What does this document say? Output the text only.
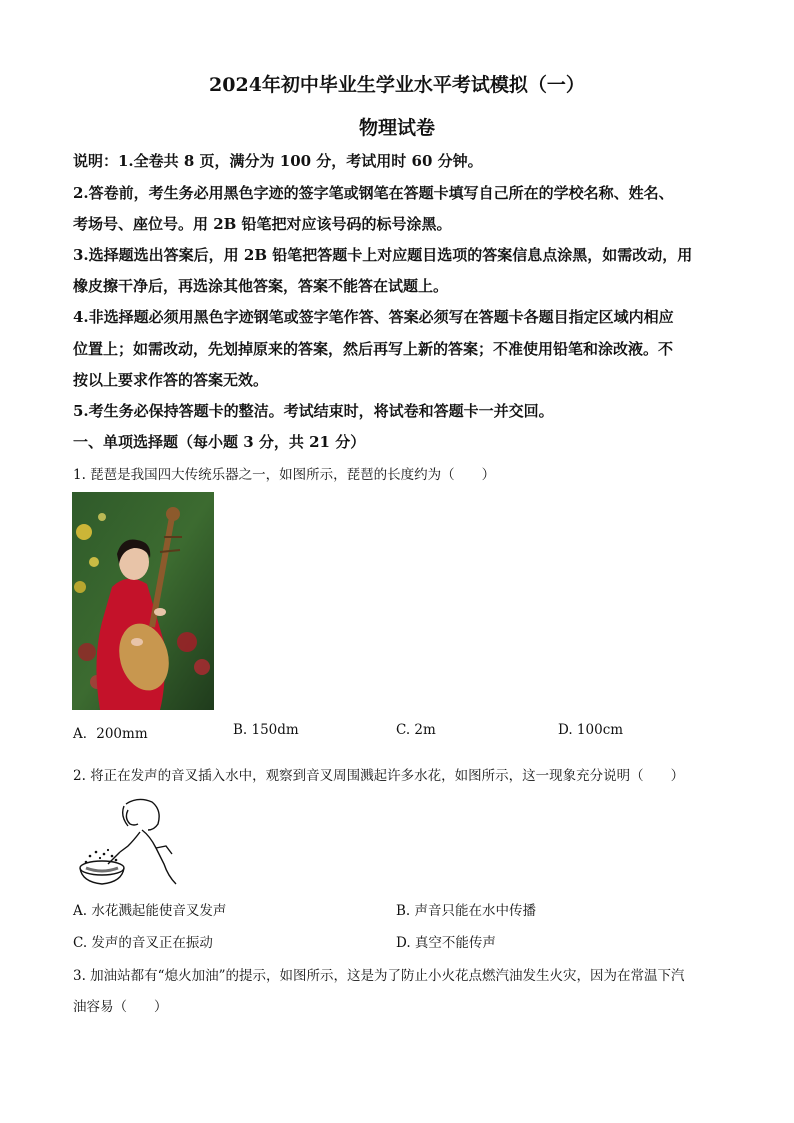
2024年初中毕业生学业水平考试模拟（一）
物理试卷
说明：1.全卷共 8 页，满分为 100 分，考试用时 60 分钟。
2.答卷前，考生务必用黑色字迹的签字笔或钢笔在答题卡填写自己所在的学校名称、姓名、
考场号、座位号。用 2B 铅笔把对应该号码的标号涂黑。
3.选择题选出答案后，用 2B 铅笔把答题卡上对应题目选项的答案信息点涂黑，如需改动，用
橡皮擦干净后，再选涂其他答案，答案不能答在试题上。
4.非选择题必须用黑色字迹钢笔或签字笔作答、答案必须写在答题卡各题目指定区域内相应
位置上；如需改动，先划掉原来的答案，然后再写上新的答案；不准使用铅笔和涂改液。不
按以上要求作答的答案无效。
5.考生务必保持答题卡的整洁。考试结束时，将试卷和答题卡一并交回。
一、单项选择题（每小题 3 分，共 21 分）
1. 琵琶是我国四大传统乐器之一，如图所示，琵琶的长度约为（　　）
A．200mm	B. 150dm	C. 2m	D. 100cm
2. 将正在发声的音叉插入水中，观察到音叉周围溅起许多水花，如图所示，这一现象充分说明（　　）
A. 水花溅起能使音叉发声	B. 声音只能在水中传播
C. 发声的音叉正在振动	D. 真空不能传声
3. 加油站都有“熄火加油”的提示，如图所示，这是为了防止小火花点燃汽油发生火灾，因为在常温下汽
油容易（　　）
